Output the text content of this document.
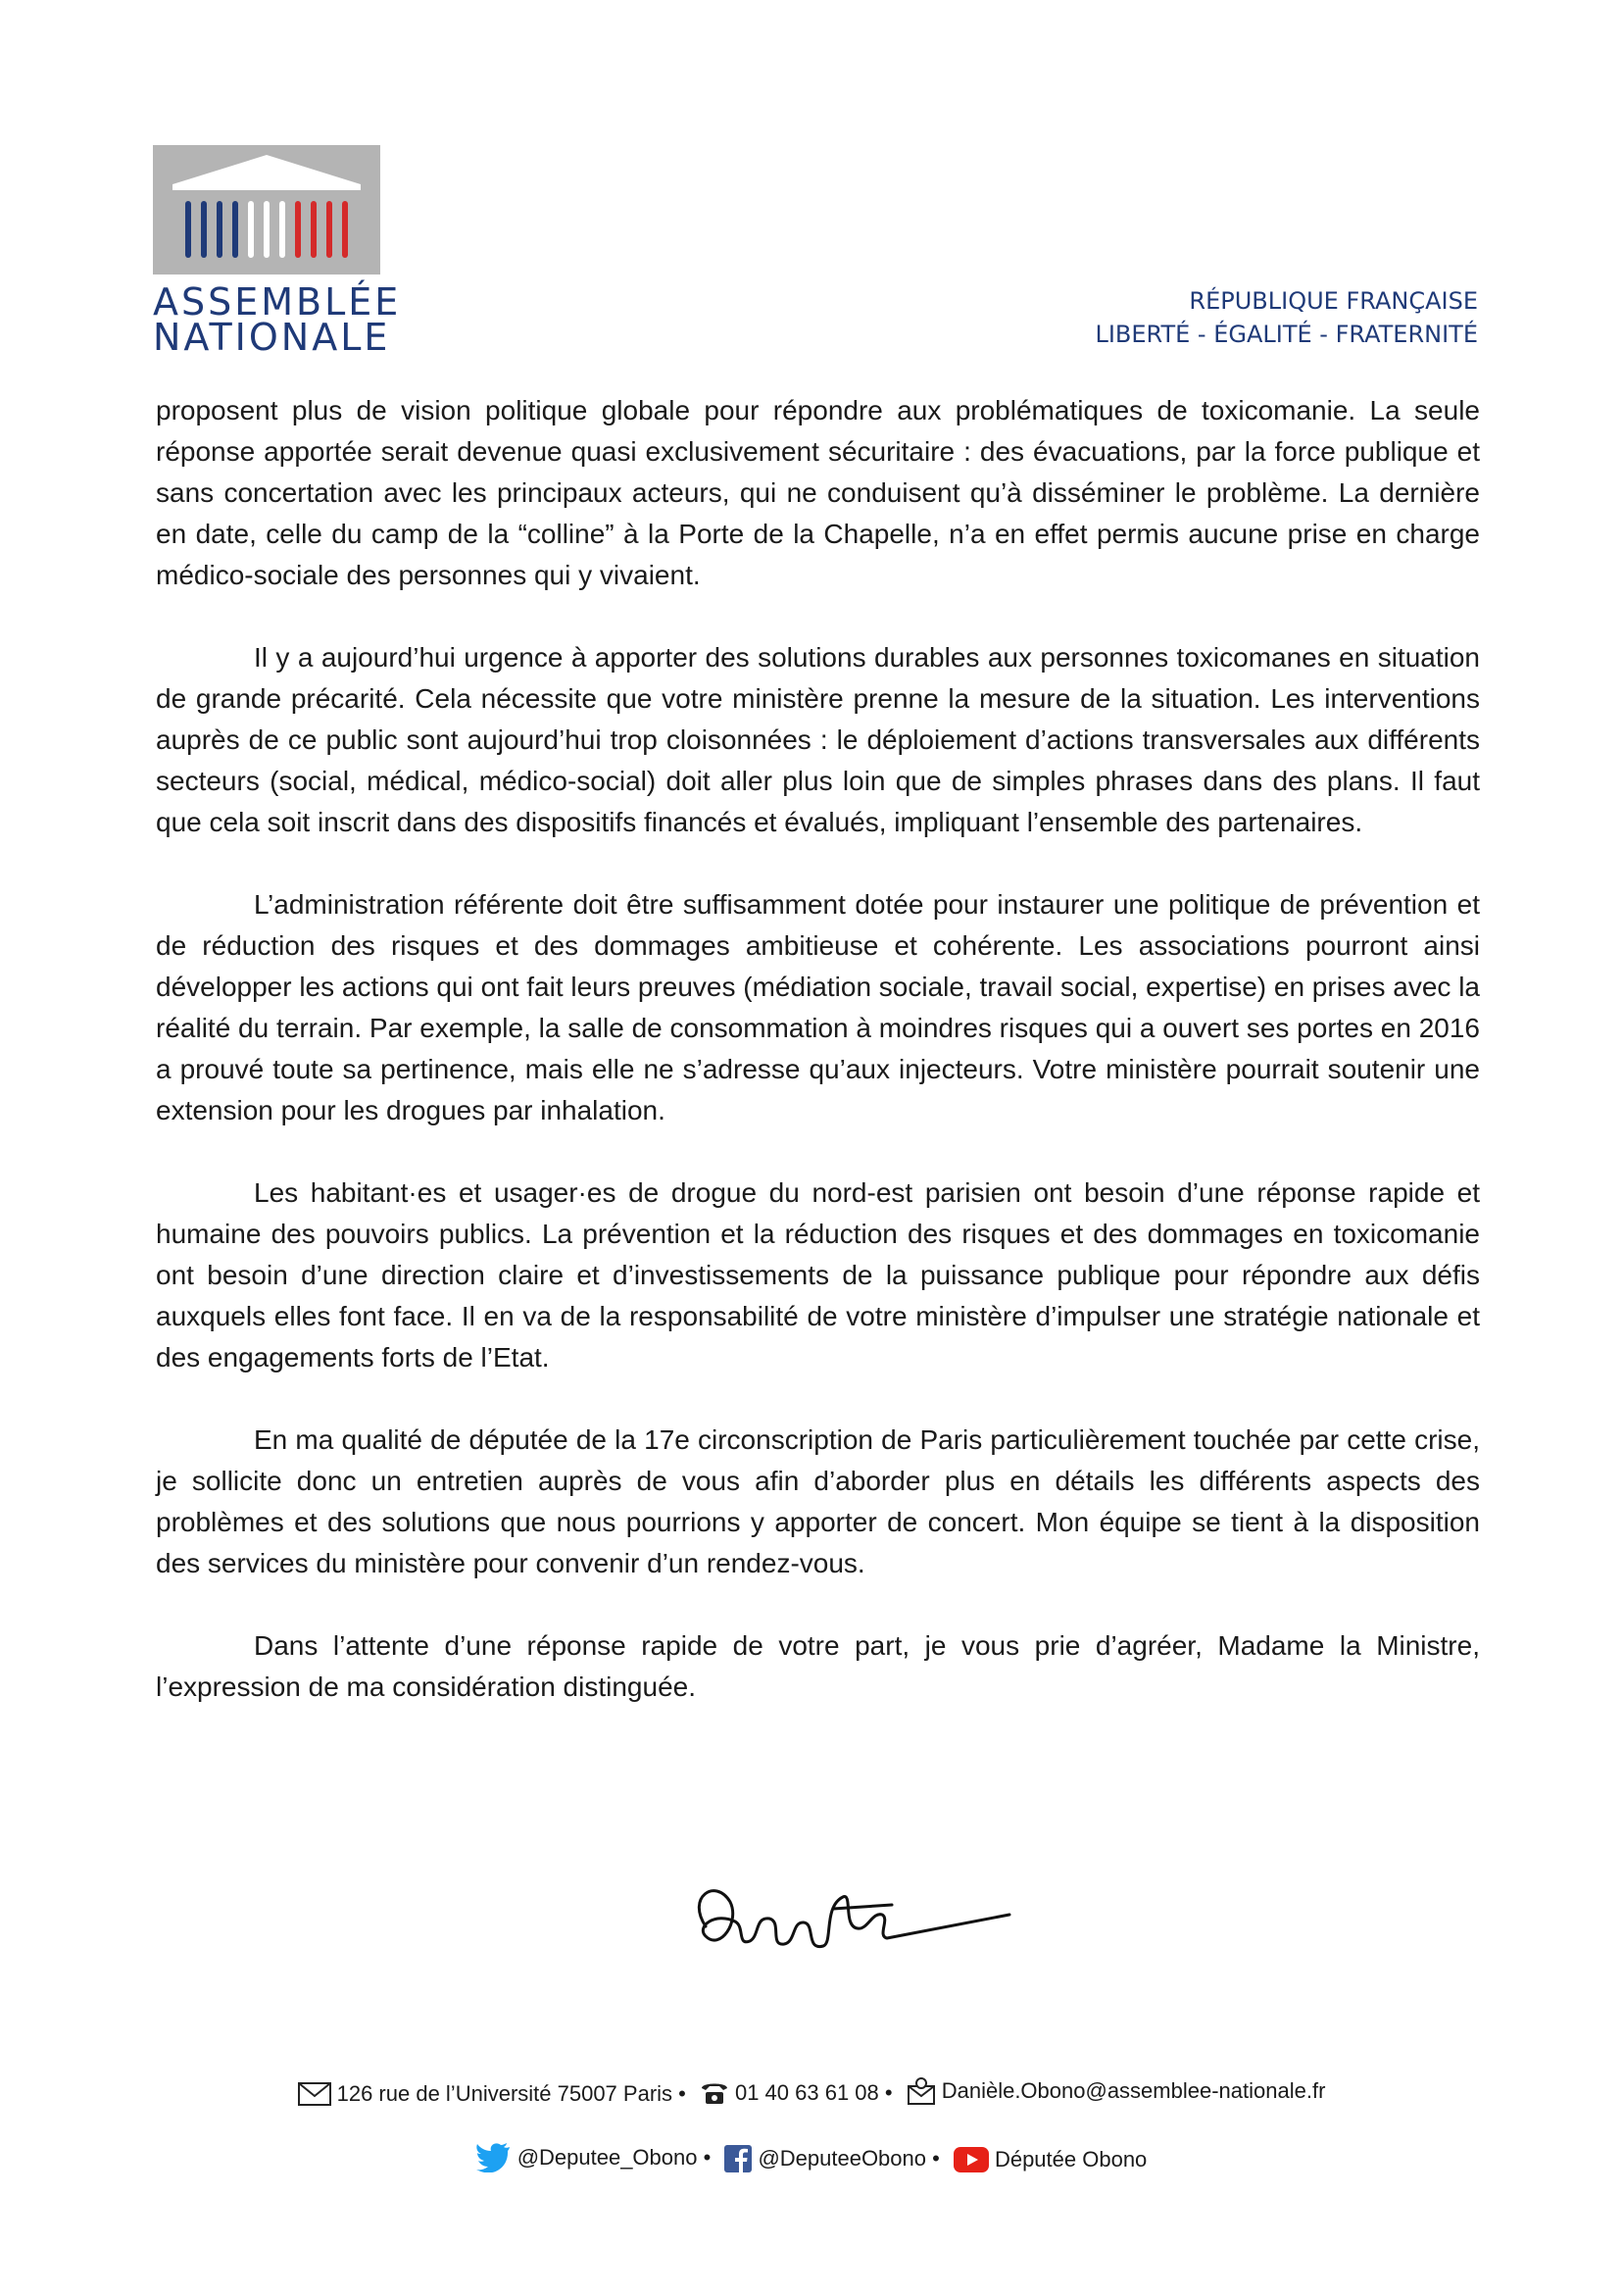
ASSEMBLÉE
NATIONALE
RÉPUBLIQUE FRANÇAISE
LIBERTÉ - ÉGALITÉ - FRATERNITÉ

proposent plus de vision politique globale pour répondre aux problématiques de toxicomanie. La seule réponse apportée serait devenue quasi exclusivement sécuritaire : des évacuations, par la force publique et sans concertation avec les principaux acteurs, qui ne conduisent qu’à disséminer le problème. La dernière en date, celle du camp de la “colline” à la Porte de la Chapelle, n’a en effet permis aucune prise en charge médico-sociale des personnes qui y vivaient.

Il y a aujourd’hui urgence à apporter des solutions durables aux personnes toxicomanes en situation de grande précarité. Cela nécessite que votre ministère prenne la mesure de la situation. Les interventions auprès de ce public sont aujourd’hui trop cloisonnées : le déploiement d’actions transversales aux différents secteurs (social, médical, médico-social) doit aller plus loin que de simples phrases dans des plans. Il faut que cela soit inscrit dans des dispositifs financés et évalués, impliquant l’ensemble des partenaires.

L’administration référente doit être suffisamment dotée pour instaurer une politique de prévention et de réduction des risques et des dommages ambitieuse et cohérente. Les associations pourront ainsi développer les actions qui ont fait leurs preuves (médiation sociale, travail social, expertise) en prises avec la réalité du terrain. Par exemple, la salle de consommation à moindres risques qui a ouvert ses portes en 2016 a prouvé toute sa pertinence, mais elle ne s’adresse qu’aux injecteurs. Votre ministère pourrait soutenir une extension pour les drogues par inhalation.

Les habitant·es et usager·es de drogue du nord-est parisien ont besoin d’une réponse rapide et humaine des pouvoirs publics. La prévention et la réduction des risques et des dommages en toxicomanie ont besoin d’une direction claire et d’investissements de la puissance publique pour répondre aux défis auxquels elles font face. Il en va de la responsabilité de votre ministère d’impulser une stratégie nationale et des engagements forts de l’Etat.

En ma qualité de députée de la 17e circonscription de Paris particulièrement touchée par cette crise, je sollicite donc un entretien auprès de vous afin d’aborder plus en détails les différents aspects des problèmes et des solutions que nous pourrions y apporter de concert. Mon équipe se tient à la disposition des services du ministère pour convenir d’un rendez-vous.

Dans l’attente d’une réponse rapide de votre part, je vous prie d’agréer, Madame la Ministre, l’expression de ma considération distinguée.

126 rue de l’Université 75007 Paris •
01 40 63 61 08 •
Danièle.Obono@assemblee-nationale.fr
@Deputee_Obono •
@DeputeeObono •
	Députée Obono
